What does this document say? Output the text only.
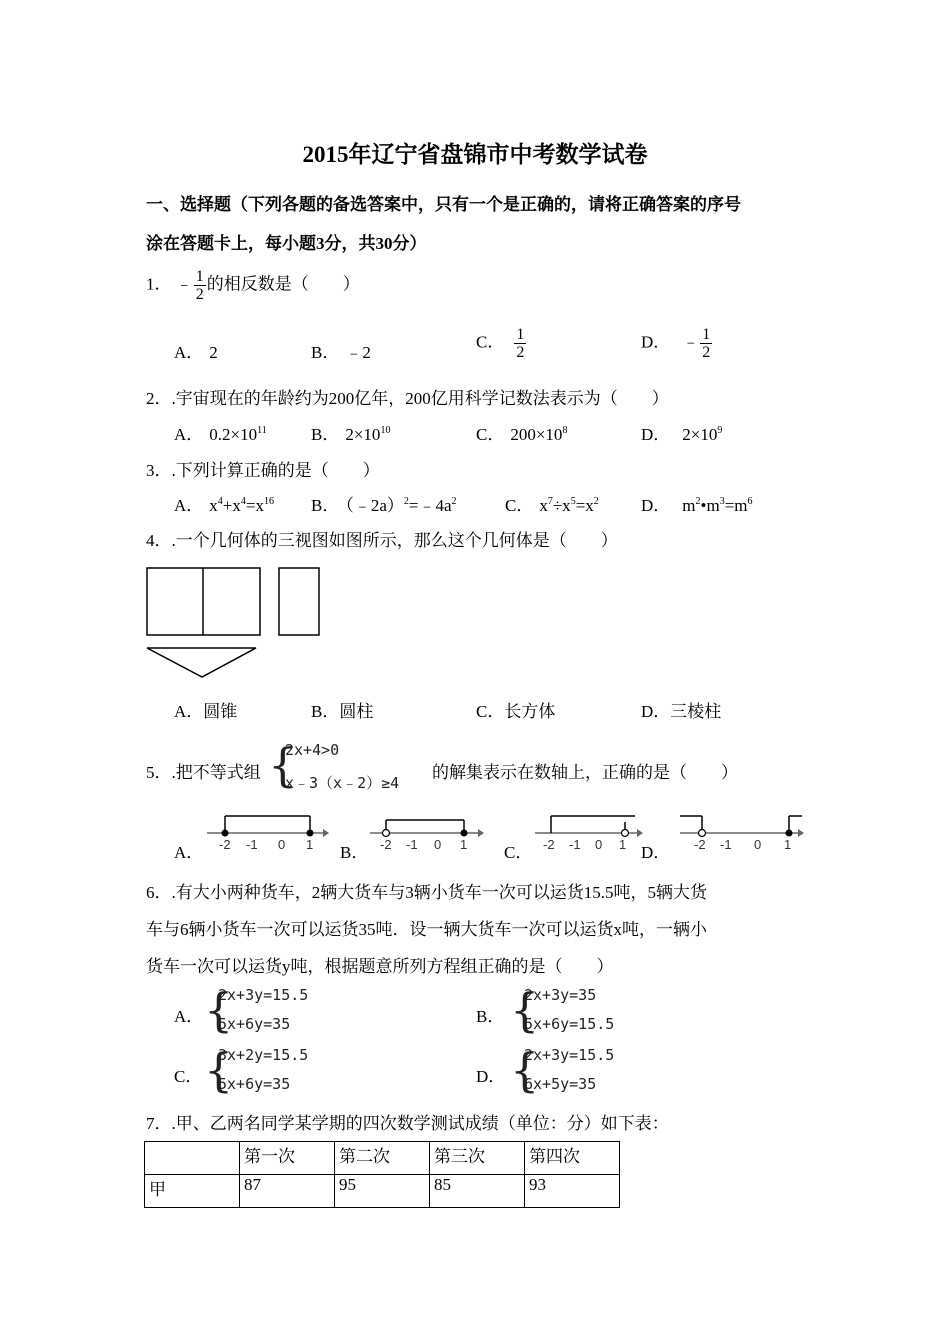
2015年辽宁省盘锦市中考数学试卷
一、选择题（下列各题的备选答案中，只有一个是正确的，请将正确答案的序号
涂在答题卡上，每小题3分，共30分）
1． ﹣ $\frac{1}{2}$ 的相反数是（　　）
A． 2	B． ﹣2
C． $\frac{1}{2}$	D． ﹣ $\frac{1}{2}$
2．.宇宙现在的年龄约为200亿年，200亿用科学记数法表示为（　　）
A． $0.2\times 10^{11}$	B． $2\times 10^{10}$	C． $200\times 10^8$	D． $2\times 10^9$
3．.下列计算正确的是（　　）
A． $x^4+x^4=x^{16}$ B． $(﹣2a)^2=﹣4a^2$	C． $x^7\div x^5=x^2$ D． $m^2•m^3=m^6$
4．.一个几何体的三视图如图所示，那么这个几何体是（　　）
A．圆锥	B．圆柱	C．长方体	D．三棱柱
5．.把不等式组 {
2x+4>0
x﹣3（x﹣2）≥4
的解集表示在数轴上，正确的是（　　）
A．	B．	C．	D．
-2 -1 0 1	-2 -1 0 1	-2 -1 0 1	-2 -1 0 1
6．.有大小两种货车，2辆大货车与3辆小货车一次可以运货15.5吨，5辆大货
车与6辆小货车一次可以运货35吨．设一辆大货车一次可以运货x吨，一辆小
货车一次可以运货y吨，根据题意所列方程组正确的是（　　）
A． {
2x+3y=15.5
5x+6y=35	B． {
2x+3y=35
5x+6y=15.5
C． {
3x+2y=15.5
5x+6y=35	D． {
2x+3y=15.5
6x+5y=35
7．.甲、乙两名同学某学期的四次数学测试成绩（单位：分）如下表：
	第一次	第二次	第三次	第四次
甲	87	95	85	93
